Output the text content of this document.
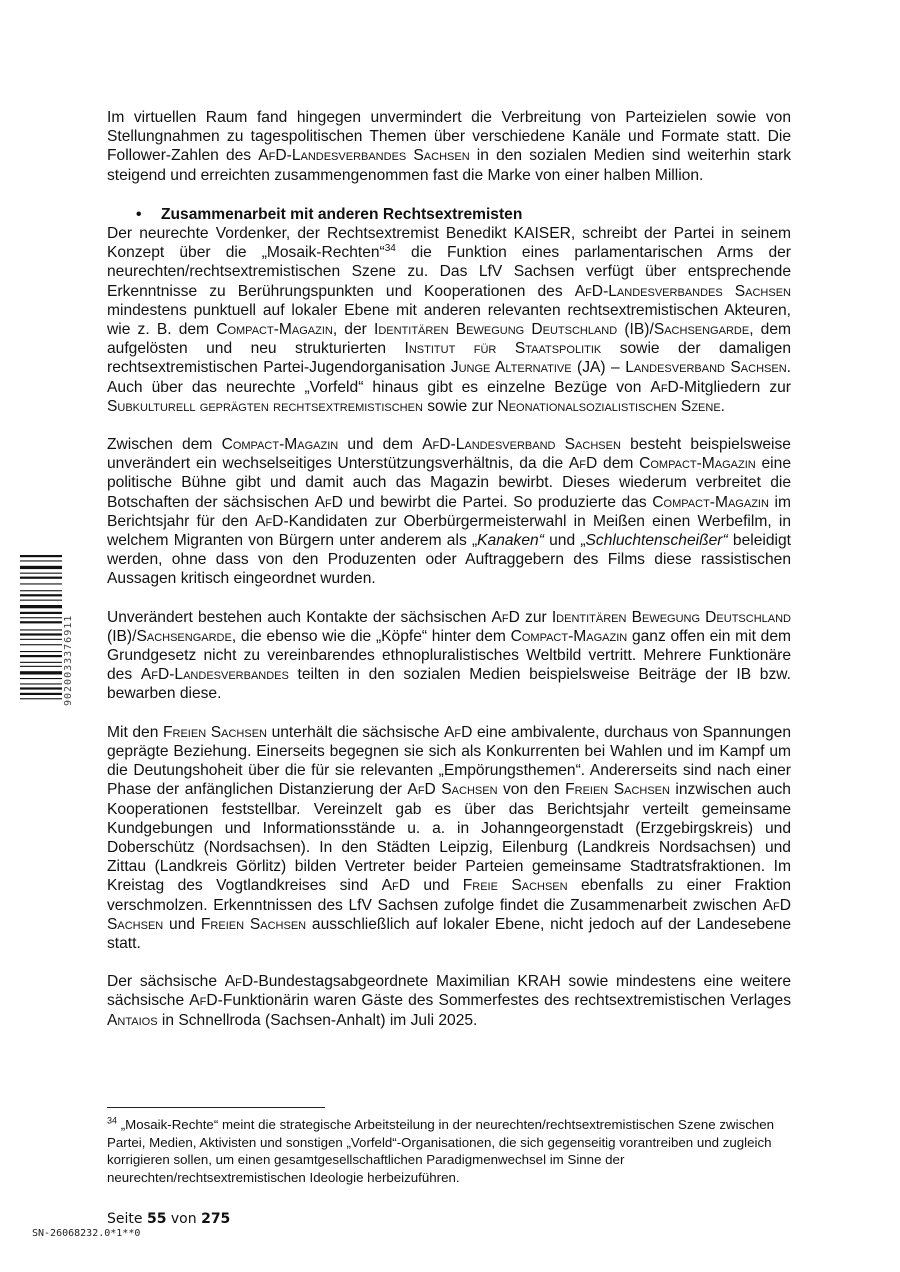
9020033376911

Im virtuellen Raum fand hingegen unvermindert die Verbreitung von Parteizielen sowie von Stellungnahmen zu tagespolitischen Themen über verschiedene Kanäle und Formate statt. Die Follower-Zahlen des AfD-Landesverbandes Sachsen in den sozialen Medien sind weiterhin stark steigend und erreichten zusammengenommen fast die Marke von einer halben Million.

• Zusammenarbeit mit anderen Rechtsextremisten

Der neurechte Vordenker, der Rechtsextremist Benedikt KAISER, schreibt der Partei in seinem Konzept über die „Mosaik-Rechten“$^{34}$ die Funktion eines parlamentarischen Arms der neurechten/rechtsextremistischen Szene zu. Das LfV Sachsen verfügt über entsprechende Erkenntnisse zu Berührungspunkten und Kooperationen des AfD-Landesverbandes Sachsen mindestens punktuell auf lokaler Ebene mit anderen relevanten rechtsextremistischen Akteuren, wie z. B. dem Compact-Magazin, der Identitären Bewegung Deutschland (IB)/Sachsengarde, dem aufgelösten und neu strukturierten Institut für Staatspolitik sowie der damaligen rechtsextremistischen Partei-Jugendorganisation Junge Alternative (JA) – Landesverband Sachsen. Auch über das neurechte „Vorfeld“ hinaus gibt es einzelne Bezüge von AfD-Mitgliedern zur Subkulturell geprägten rechtsextremistischen sowie zur Neonationalsozialistischen Szene.

Zwischen dem Compact-Magazin und dem AfD-Landesverband Sachsen besteht beispielsweise unverändert ein wechselseitiges Unterstützungsverhältnis, da die AfD dem Compact-Magazin eine politische Bühne gibt und damit auch das Magazin bewirbt. Dieses wiederum verbreitet die Botschaften der sächsischen AfD und bewirbt die Partei. So produzierte das Compact-Magazin im Berichtsjahr für den AfD-Kandidaten zur Oberbürgermeisterwahl in Meißen einen Werbefilm, in welchem Migranten von Bürgern unter anderem als „Kanaken“ und „Schluchtenscheißer“ beleidigt werden, ohne dass von den Produzenten oder Auftraggebern des Films diese rassistischen Aussagen kritisch eingeordnet wurden.

Unverändert bestehen auch Kontakte der sächsischen AfD zur Identitären Bewegung Deutschland (IB)/Sachsengarde, die ebenso wie die „Köpfe“ hinter dem Compact-Magazin ganz offen ein mit dem Grundgesetz nicht zu vereinbarendes ethnopluralistisches Weltbild vertritt. Mehrere Funktionäre des AfD-Landesverbandes teilten in den sozialen Medien beispielsweise Beiträge der IB bzw. bewarben diese.

Mit den Freien Sachsen unterhält die sächsische AfD eine ambivalente, durchaus von Spannungen geprägte Beziehung. Einerseits begegnen sie sich als Konkurrenten bei Wahlen und im Kampf um die Deutungshoheit über die für sie relevanten „Empörungsthemen“. Andererseits sind nach einer Phase der anfänglichen Distanzierung der AfD Sachsen von den Freien Sachsen inzwischen auch Kooperationen feststellbar. Vereinzelt gab es über das Berichtsjahr verteilt gemeinsame Kundgebungen und Informationsstände u. a. in Johanngeorgenstadt (Erzgebirgskreis) und Doberschütz (Nordsachsen). In den Städten Leipzig, Eilenburg (Landkreis Nordsachsen) und Zittau (Landkreis Görlitz) bilden Vertreter beider Parteien gemeinsame Stadtratsfraktionen. Im Kreistag des Vogtlandkreises sind AfD und Freie Sachsen ebenfalls zu einer Fraktion verschmolzen. Erkenntnissen des LfV Sachsen zufolge findet die Zusammenarbeit zwischen AfD Sachsen und Freien Sachsen ausschließlich auf lokaler Ebene, nicht jedoch auf der Landesebene statt.

Der sächsische AfD-Bundestagsabgeordnete Maximilian KRAH sowie mindestens eine weitere sächsische AfD-Funktionärin waren Gäste des Sommerfestes des rechtsextremistischen Verlages Antaios in Schnellroda (Sachsen-Anhalt) im Juli 2025.

$^{34}$ „Mosaik-Rechte“ meint die strategische Arbeitsteilung in der neurechten/rechtsextremistischen Szene zwischen Partei, Medien, Aktivisten und sonstigen „Vorfeld“-Organisationen, die sich gegenseitig vorantreiben und zugleich korrigieren sollen, um einen gesamtgesellschaftlichen Paradigmenwechsel im Sinne der neurechten/rechtsextremistischen Ideologie herbeizuführen.
Seite 55 von 275
SN-26068232.0*1**0
